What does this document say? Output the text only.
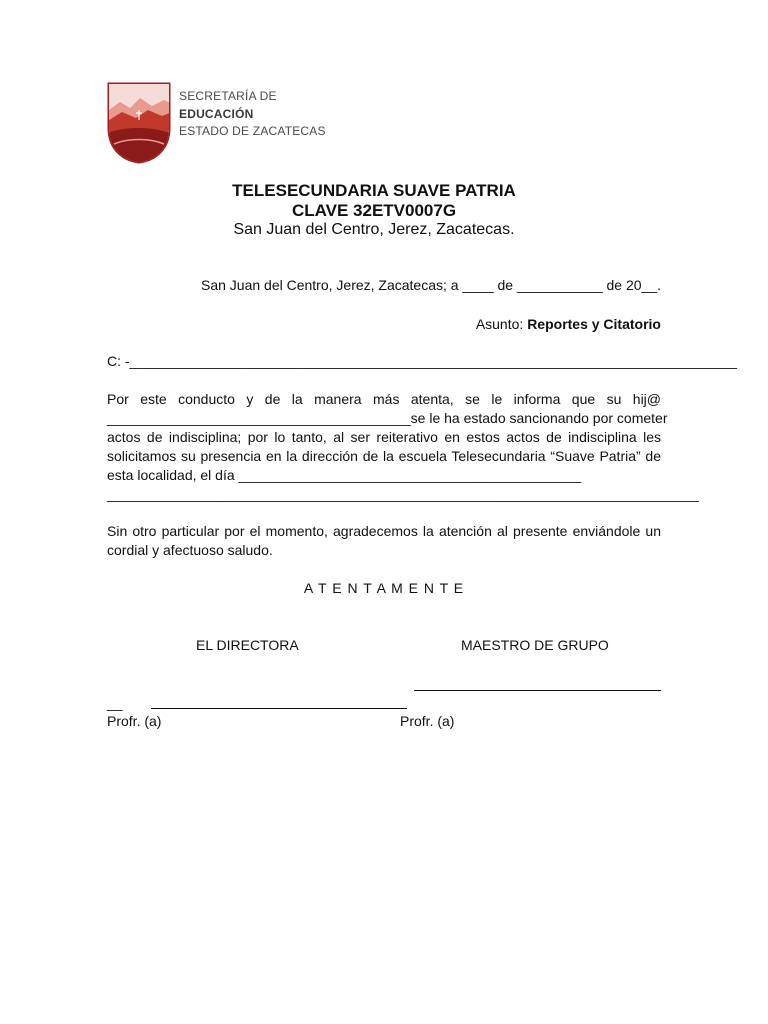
SECRETARÍA DE
EDUCACIÓN
ESTADO DE ZACATECAS
TELESECUNDARIA SUAVE PATRIA
CLAVE 32ETV0007G
San Juan del Centro, Jerez, Zacatecas.
San Juan del Centro, Jerez, Zacatecas; a ____ de ___________ de 20__.
Asunto: Reportes y Citatorio
C: -______________________________________________________________________________
Por este conducto y de la manera más atenta, se le informa que su hij@
_______________________________________se le ha estado sancionando por cometer
actos de indisciplina; por lo tanto, al ser reiterativo en estos actos de indisciplina les
solicitamos su presencia en la dirección de la escuela Telesecundaria “Suave Patria” de
esta localidad, el día ____________________________________________
____________________________________________________________________________
Sin otro particular por el momento, agradecemos la atención al presente enviándole un
cordial y afectuoso saludo.
A T E N T A M E N T E
EL DIRECTORA	MAESTRO DE GRUPO
__
Profr. (a)	Profr. (a)
